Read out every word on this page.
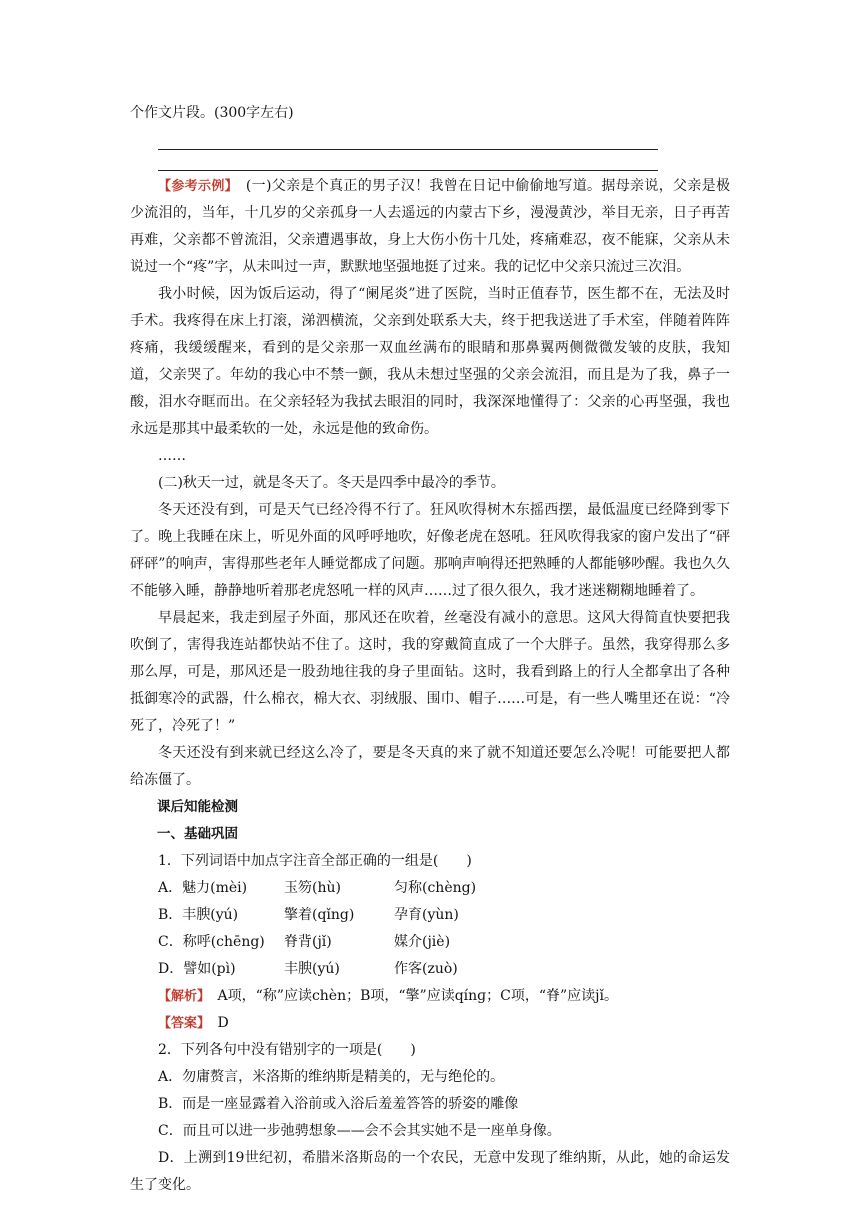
个作文片段。(300字左右)

【参考示例】　 (一)父亲是个真正的男子汉！我曾在日记中偷偷地写道。据母亲说，父亲是极少流泪的，当年，十几岁的父亲孤身一人去遥远的内蒙古下乡，漫漫黄沙，举目无亲，日子再苦再难，父亲都不曾流泪，父亲遭遇事故，身上大伤小伤十几处，疼痛难忍，夜不能寐，父亲从未说过一个“疼”字，从未叫过一声，默默地坚强地挺了过来。我的记忆中父亲只流过三次泪。

我小时候，因为饭后运动，得了“阑尾炎”进了医院，当时正值春节，医生都不在，无法及时手术。我疼得在床上打滚，涕泗横流，父亲到处联系大夫，终于把我送进了手术室，伴随着阵阵疼痛，我缓缓醒来，看到的是父亲那一双血丝满布的眼睛和那鼻翼两侧微微发皱的皮肤，我知道，父亲哭了。年幼的我心中不禁一颤，我从未想过坚强的父亲会流泪，而且是为了我，鼻子一酸，泪水夺眶而出。在父亲轻轻为我拭去眼泪的同时，我深深地懂得了：父亲的心再坚强，我也永远是那其中最柔软的一处，永远是他的致命伤。

……

(二)秋天一过，就是冬天了。冬天是四季中最冷的季节。

冬天还没有到，可是天气已经冷得不行了。狂风吹得树木东摇西摆，最低温度已经降到零下了。晚上我睡在床上，听见外面的风呼呼地吹，好像老虎在怒吼。狂风吹得我家的窗户发出了“砰砰砰”的响声，害得那些老年人睡觉都成了问题。那响声响得还把熟睡的人都能够吵醒。我也久久不能够入睡，静静地听着那老虎怒吼一样的风声……过了很久很久，我才迷迷糊糊地睡着了。

早晨起来，我走到屋子外面，那风还在吹着，丝毫没有减小的意思。这风大得简直快要把我吹倒了，害得我连站都快站不住了。这时，我的穿戴简直成了一个大胖子。虽然，我穿得那么多那么厚，可是，那风还是一股劲地往我的身子里面钻。这时，我看到路上的行人全都拿出了各种抵御寒冷的武器，什么棉衣，棉大衣、羽绒服、围巾、帽子……可是，有一些人嘴里还在说：“冷死了，冷死了！”

冬天还没有到来就已经这么冷了，要是冬天真的来了就不知道还要怎么冷呢！可能要把人都给冻僵了。

课后知能检测

一、基础巩固

1．下列词语中加点字注音全部正确的一组是(　　)

A．魅力(mèi)	玉笏(hù)	匀称(chèng)
B．丰腴(yú)	擎着(qǐng)	孕育(yùn)
C．称呼(chēng)	脊背(jǐ)	媒介(jiè)
D．譬如(pì)	丰腴(yú)	作客(zuò)

【解析】　 A项，“称”应读chèn；B项，“擎”应读qínɡ；C项，“脊”应读jǐ。

【答案】　 D

2．下列各句中没有错别字的一项是(　　)

A．勿庸赘言，米洛斯的维纳斯是精美的，无与绝伦的。

B．而是一座显露着入浴前或入浴后羞羞答答的骄姿的雕像

C．而且可以进一步弛骋想象——会不会其实她不是一座单身像。

D．上溯到19世纪初，希腊米洛斯岛的一个农民，无意中发现了维纳斯，从此，她的命运发生了变化。
